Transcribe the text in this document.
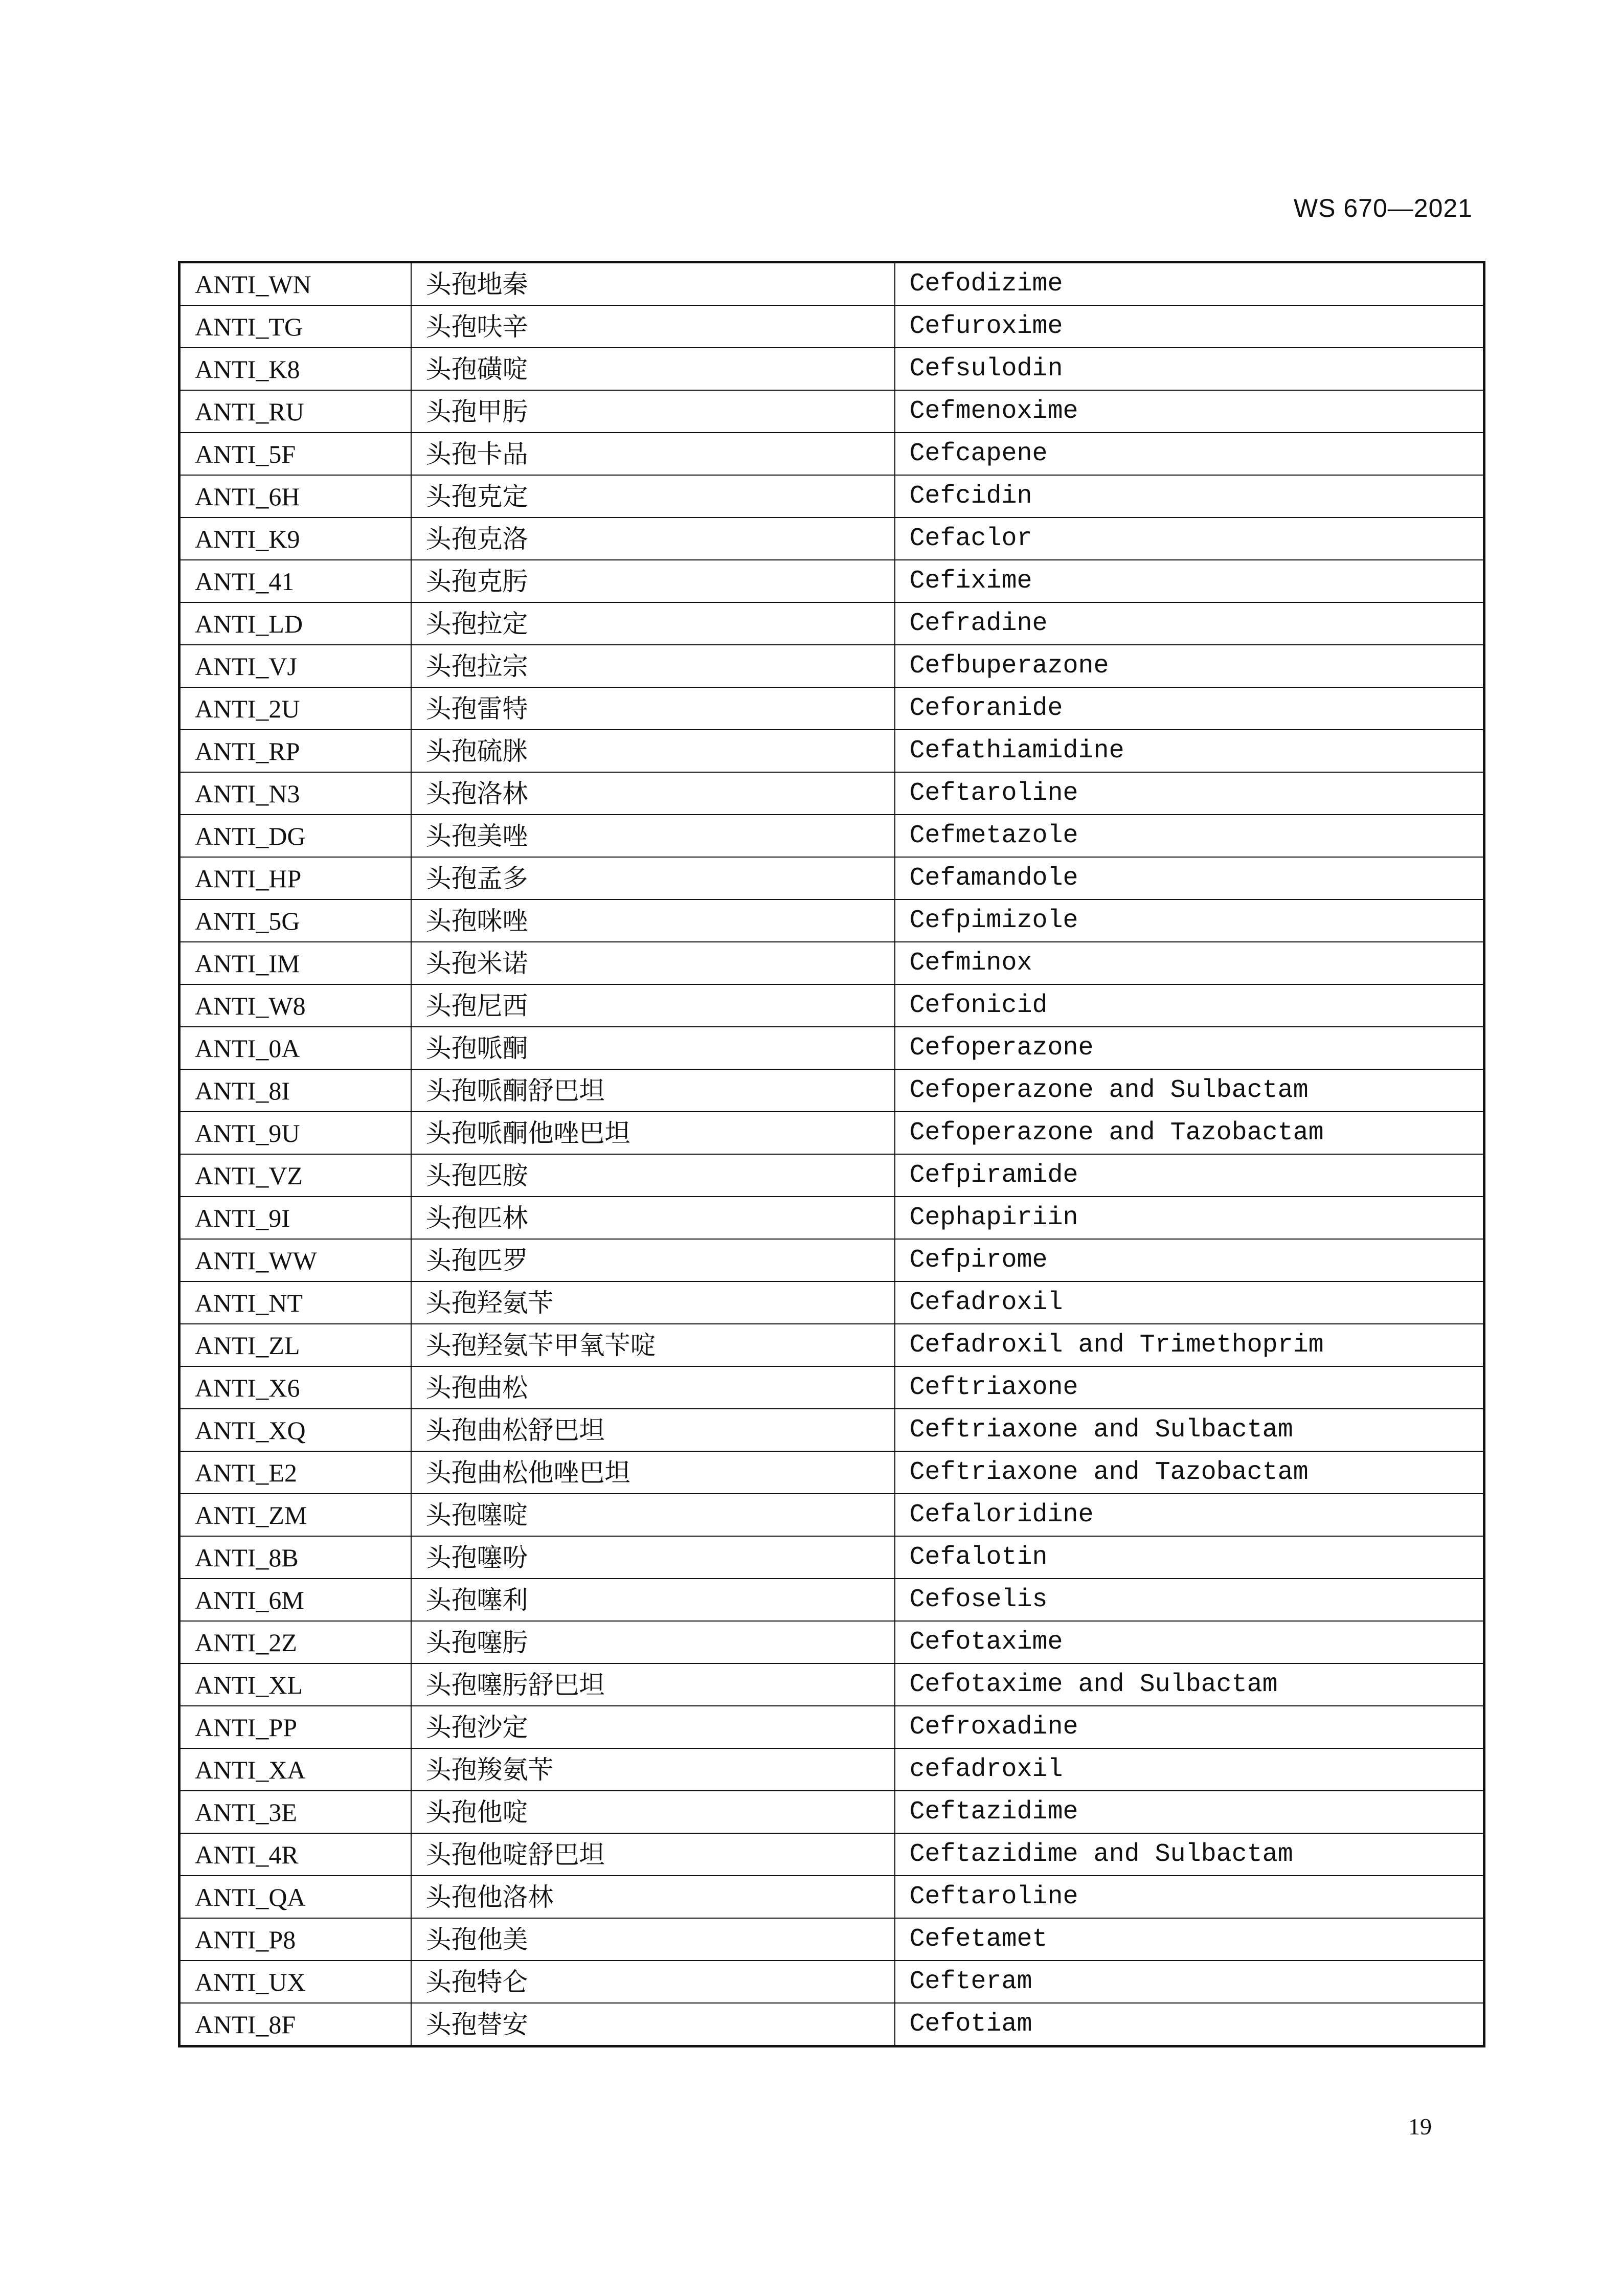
WS 670—2021
ANTI_WN	头孢地秦	Cefodizime
ANTI_TG	头孢呋辛	Cefuroxime
ANTI_K8	头孢磺啶	Cefsulodin
ANTI_RU	头孢甲肟	Cefmenoxime
ANTI_5F	头孢卡品	Cefcapene
ANTI_6H	头孢克定	Cefcidin
ANTI_K9	头孢克洛	Cefaclor
ANTI_41	头孢克肟	Cefixime
ANTI_LD	头孢拉定	Cefradine
ANTI_VJ	头孢拉宗	Cefbuperazone
ANTI_2U	头孢雷特	Ceforanide
ANTI_RP	头孢硫脒	Cefathiamidine
ANTI_N3	头孢洛林	Ceftaroline
ANTI_DG	头孢美唑	Cefmetazole
ANTI_HP	头孢孟多	Cefamandole
ANTI_5G	头孢咪唑	Cefpimizole
ANTI_IM	头孢米诺	Cefminox
ANTI_W8	头孢尼西	Cefonicid
ANTI_0A	头孢哌酮	Cefoperazone
ANTI_8I	头孢哌酮舒巴坦	Cefoperazone and Sulbactam
ANTI_9U	头孢哌酮他唑巴坦	Cefoperazone and Tazobactam
ANTI_VZ	头孢匹胺	Cefpiramide
ANTI_9I	头孢匹林	Cephapiriin
ANTI_WW	头孢匹罗	Cefpirome
ANTI_NT	头孢羟氨苄	Cefadroxil
ANTI_ZL	头孢羟氨苄甲氧苄啶	Cefadroxil and Trimethoprim
ANTI_X6	头孢曲松	Ceftriaxone
ANTI_XQ	头孢曲松舒巴坦	Ceftriaxone and Sulbactam
ANTI_E2	头孢曲松他唑巴坦	Ceftriaxone and Tazobactam
ANTI_ZM	头孢噻啶	Cefaloridine
ANTI_8B	头孢噻吩	Cefalotin
ANTI_6M	头孢噻利	Cefoselis
ANTI_2Z	头孢噻肟	Cefotaxime
ANTI_XL	头孢噻肟舒巴坦	Cefotaxime and Sulbactam
ANTI_PP	头孢沙定	Cefroxadine
ANTI_XA	头孢羧氨苄	cefadroxil
ANTI_3E	头孢他啶	Ceftazidime
ANTI_4R	头孢他啶舒巴坦	Ceftazidime and Sulbactam
ANTI_QA	头孢他洛林	Ceftaroline
ANTI_P8	头孢他美	Cefetamet
ANTI_UX	头孢特仑	Cefteram
ANTI_8F	头孢替安	Cefotiam
19
